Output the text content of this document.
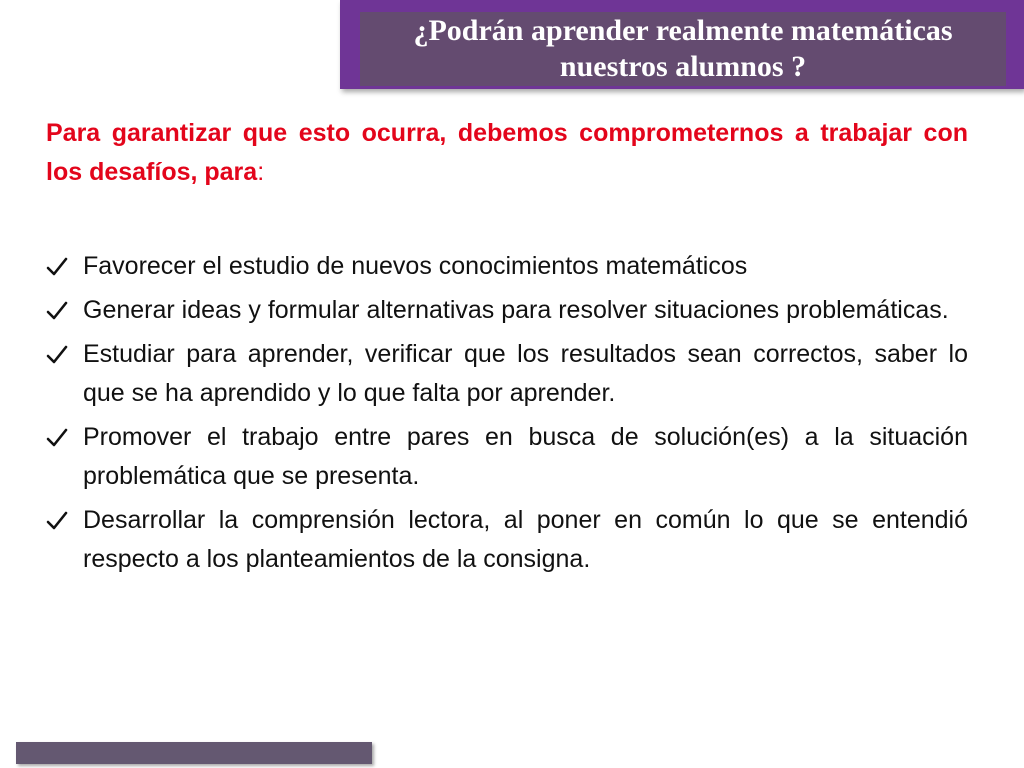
¿Podrán aprender realmente matemáticas nuestros alumnos ?

Para garantizar que esto ocurra, debemos comprometernos a trabajar con los desafíos, para:

Favorecer el estudio de nuevos conocimientos matemáticos
Generar ideas y formular alternativas para resolver situaciones problemáticas.
Estudiar para aprender, verificar que los resultados sean correctos, saber lo que se ha aprendido y lo que falta por aprender.
Promover el trabajo entre pares en busca de solución(es) a la situación problemática que se presenta.
Desarrollar la comprensión lectora, al poner en común lo que se entendió respecto a los planteamientos de la consigna.
